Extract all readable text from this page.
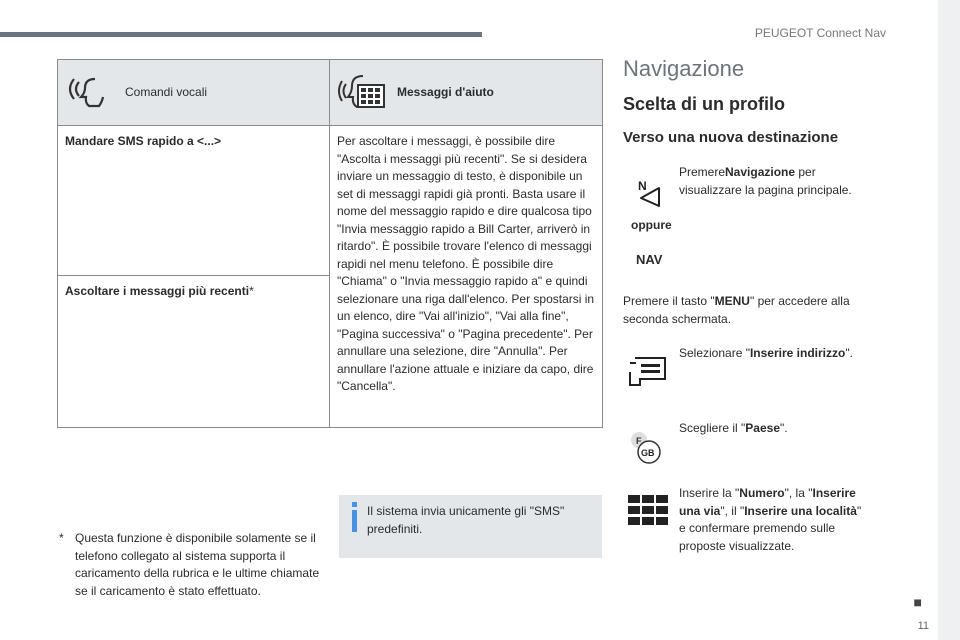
PEUGEOT Connect Nav
■
11
Comandi vocali	Messaggi d'aiuto

Mandare SMS rapido a <...>	Per ascoltare i messaggi, è possibile dire "Ascolta i messaggi più recenti". Se si desidera inviare un messaggio di testo, è disponibile un set di messaggi rapidi già pronti. Basta usare il nome del messaggio rapido e dire qualcosa tipo "Invia messaggio rapido a Bill Carter, arriverò in ritardo". È possibile trovare l'elenco di messaggi rapidi nel menu telefono. È possibile dire "Chiama" o "Invia messaggio rapido a" e quindi selezionare una riga dall'elenco. Per spostarsi in un elenco, dire "Vai all'inizio", "Vai alla fine", "Pagina successiva" o "Pagina precedente". Per annullare una selezione, dire "Annulla". Per annullare l'azione attuale e iniziare da capo, dire "Cancella".
Ascoltare i messaggi più recenti*	
* Questa funzione è disponibile solamente se il telefono collegato al sistema supporta il caricamento della rubrica e le ultime chiamate se il caricamento è stato effettuato.
Il sistema invia unicamente gli "SMS" predefiniti.
Navigazione
Scelta di un profilo
Verso una nuova destinazione
N
PremereNavigazione per visualizzare la pagina principale.
oppure
NAV
Premere il tasto "MENU" per accedere alla seconda schermata.
Selezionare "Inserire indirizzo".
F
GB
Scegliere il "Paese".
Inserire la "Numero", la "Inserire una via", il "Inserire una località" e confermare premendo sulle proposte visualizzate.
